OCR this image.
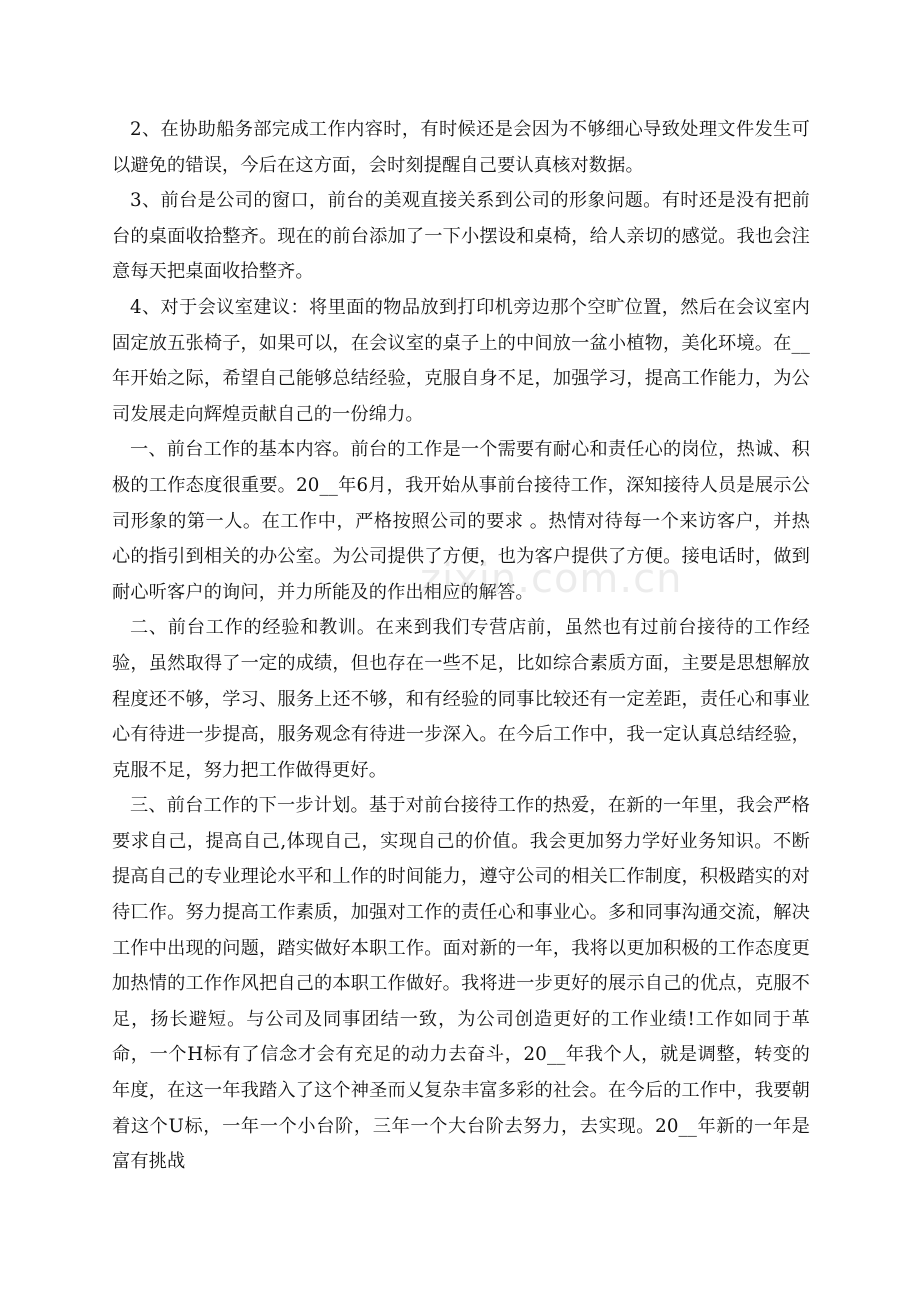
2、在协助船务部完成工作内容时，有时候还是会因为不够细心导致处理文件发生可以避免的错误，今后在这方面，会时刻提醒自己要认真核对数据。

3、前台是公司的窗口，前台的美观直接关系到公司的形象问题。有时还是没有把前台的桌面收拾整齐。现在的前台添加了一下小摆设和桌椅，给人亲切的感觉。我也会注意每天把桌面收拾整齐。

4、对于会议室建议：将里面的物品放到打印机旁边那个空旷位置，然后在会议室内固定放五张椅子，如果可以，在会议室的桌子上的中间放一盆小植物，美化环境。在__年开始之际，希望自己能够总结经验，克服自身不足，加强学习，提高工作能力，为公司发展走向辉煌贡献自己的一份绵力。

一、前台工作的基本内容。前台的工作是一个需要有耐心和责任心的岗位，热诚、积极的工作态度很重要。20__年6月，我开始从事前台接待工作，深知接待人员是展示公司形象的第一人。在工作中，严格按照公司的要求 。热情对待每一个来访客户，并热心的指引到相关的办公室。为公司提供了方便，也为客户提供了方便。接电话时，做到耐心听客户的询问，并力所能及的作出相应的解答。

二、前台工作的经验和教训。在来到我们专营店前，虽然也有过前台接待的工作经验，虽然取得了一定的成绩，但也存在一些不足，比如综合素质方面，主要是思想解放程度还不够，学习、服务上还不够，和有经验的同事比较还有一定差距，责任心和事业心有待进一步提高，服务观念有待进一步深入。在今后工作中，我一定认真总结经验，克服不足，努力把工作做得更好。

三、前台工作的下一步计划。基于对前台接待工作的热爱，在新的一年里，我会严格要求自己，提高自己,体现自己，实现自己的价值。我会更加努力学好业务知识。不断提高自己的专业理论水平和丄作的时间能力，遵守公司的相关匸作制度，积极踏实的对待匸作。努力提高工作素质，加强对工作的责任心和事业心。多和同事沟通交流，解决工作中出现的问题，踏实做好本职工作。面对新的一年，我将以更加积极的工作态度更加热情的工作作风把自己的本职工作做好。我将进一步更好的展示自己的优点，克服不足，扬长避短。与公司及同事团结一致，为公司创造更好的工作业绩!工作如同于革命，一个H标有了信念才会有充足的动力去奋斗，20__年我个人，就是调整，转变的年度，在这一年我踏入了这个神圣而乂复杂丰富多彩的社会。在今后的工作中，我要朝着这个U标，一年一个小台阶，三年一个大台阶去努力，去实现。20__年新的一年是富有挑战

zixin.com.cn
